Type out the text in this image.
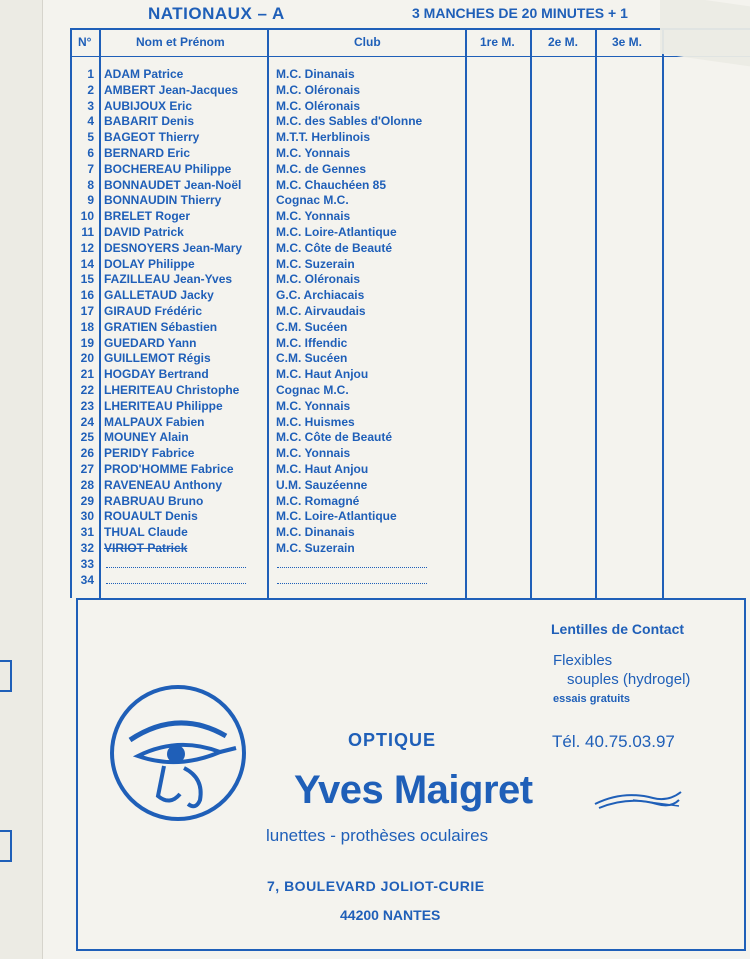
NATIONAUX – A	3 MANCHES DE 20 MINUTES + 1
N°	Nom et Prénom	Club	1re M.	2e M.	3e M.
1 ADAM Patrice	M.C. Dinanais
2 AMBERT Jean-Jacques	M.C. Oléronais
3 AUBIJOUX Eric	M.C. Oléronais
4 BABARIT Denis	M.C. des Sables d'Olonne
5 BAGEOT Thierry	M.T.T. Herblinois
6 BERNARD Eric	M.C. Yonnais
7 BOCHEREAU Philippe	M.C. de Gennes
8 BONNAUDET Jean-Noël	M.C. Chauchéen 85
9 BONNAUDIN Thierry	Cognac M.C.
10 BRELET Roger	M.C. Yonnais
11 DAVID Patrick	M.C. Loire-Atlantique
12 DESNOYERS Jean-Mary	M.C. Côte de Beauté
14 DOLAY Philippe	M.C. Suzerain
15 FAZILLEAU Jean-Yves	M.C. Oléronais
16 GALLETAUD Jacky	G.C. Archiacais
17 GIRAUD Frédéric	M.C. Airvaudais
18 GRATIEN Sébastien	C.M. Sucéen
19 GUEDARD Yann	M.C. Iffendic
20 GUILLEMOT Régis	C.M. Sucéen
21 HOGDAY Bertrand	M.C. Haut Anjou
22 LHERITEAU Christophe	Cognac M.C.
23 LHERITEAU Philippe	M.C. Yonnais
24 MALPAUX Fabien	M.C. Huismes
25 MOUNEY Alain	M.C. Côte de Beauté
26 PERIDY Fabrice	M.C. Yonnais
27 PROD'HOMME Fabrice	M.C. Haut Anjou
28 RAVENEAU Anthony	U.M. Sauzéenne
29 RABRUAU Bruno	M.C. Romagné
30 ROUAULT Denis	M.C. Loire-Atlantique
31 THUAL Claude	M.C. Dinanais
32 VIRIOT Patrick	M.C. Suzerain
33
34
Lentilles de Contact
Flexibles
souples (hydrogel)
essais gratuits
OPTIQUE	Tél. 40.75.03.97
Yves Maigret
lunettes - prothèses oculaires
7, BOULEVARD JOLIOT-CURIE
44200 NANTES
